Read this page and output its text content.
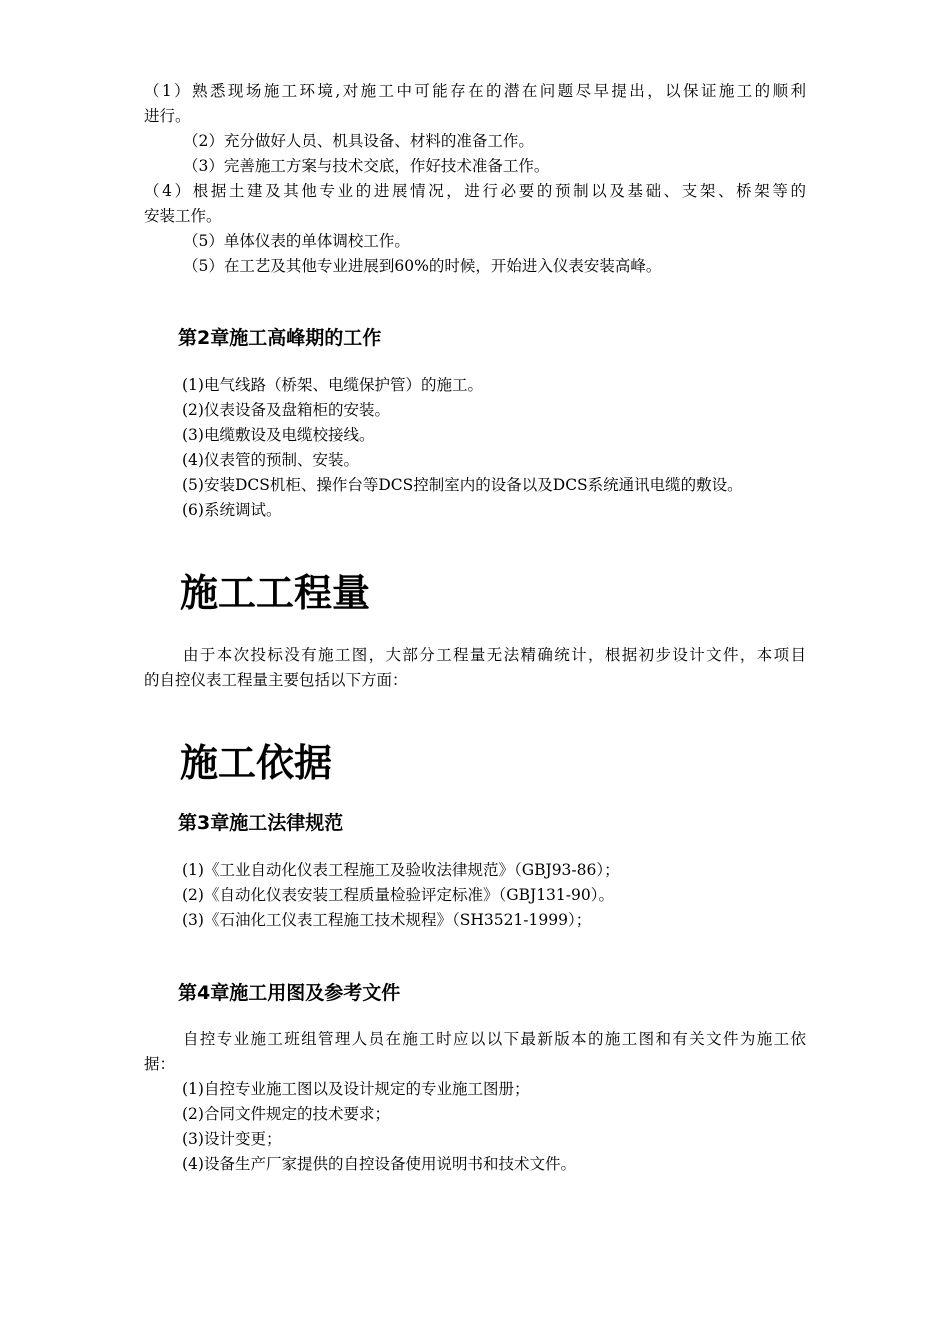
（1）熟悉现场施工环境,对施工中可能存在的潜在问题尽早提出，以保证施工的顺利
进行。
（2）充分做好人员、机具设备、材料的准备工作。
（3）完善施工方案与技术交底，作好技术准备工作。
（4）根据土建及其他专业的进展情况，进行必要的预制以及基础、支架、桥架等的
安装工作。
（5）单体仪表的单体调校工作。
（5）在工艺及其他专业进展到60%的时候，开始进入仪表安装高峰。
第2章施工高峰期的工作
(1)电气线路（桥架、电缆保护管）的施工。
(2)仪表设备及盘箱柜的安装。
(3)电缆敷设及电缆校接线。
(4)仪表管的预制、安装。
(5)安装DCS机柜、操作台等DCS控制室内的设备以及DCS系统通讯电缆的敷设。
(6)系统调试。
施工工程量
由于本次投标没有施工图，大部分工程量无法精确统计，根据初步设计文件，本项目
的自控仪表工程量主要包括以下方面：
施工依据
第3章施工法律规范
(1)《工业自动化仪表工程施工及验收法律规范》（GBJ93-86）；
(2)《自动化仪表安装工程质量检验评定标准》（GBJ131-90）。
(3)《石油化工仪表工程施工技术规程》（SH3521-1999）；
第4章施工用图及参考文件
自控专业施工班组管理人员在施工时应以以下最新版本的施工图和有关文件为施工依
据：
(1)自控专业施工图以及设计规定的专业施工图册；
(2)合同文件规定的技术要求；
(3)设计变更；
(4)设备生产厂家提供的自控设备使用说明书和技术文件。
